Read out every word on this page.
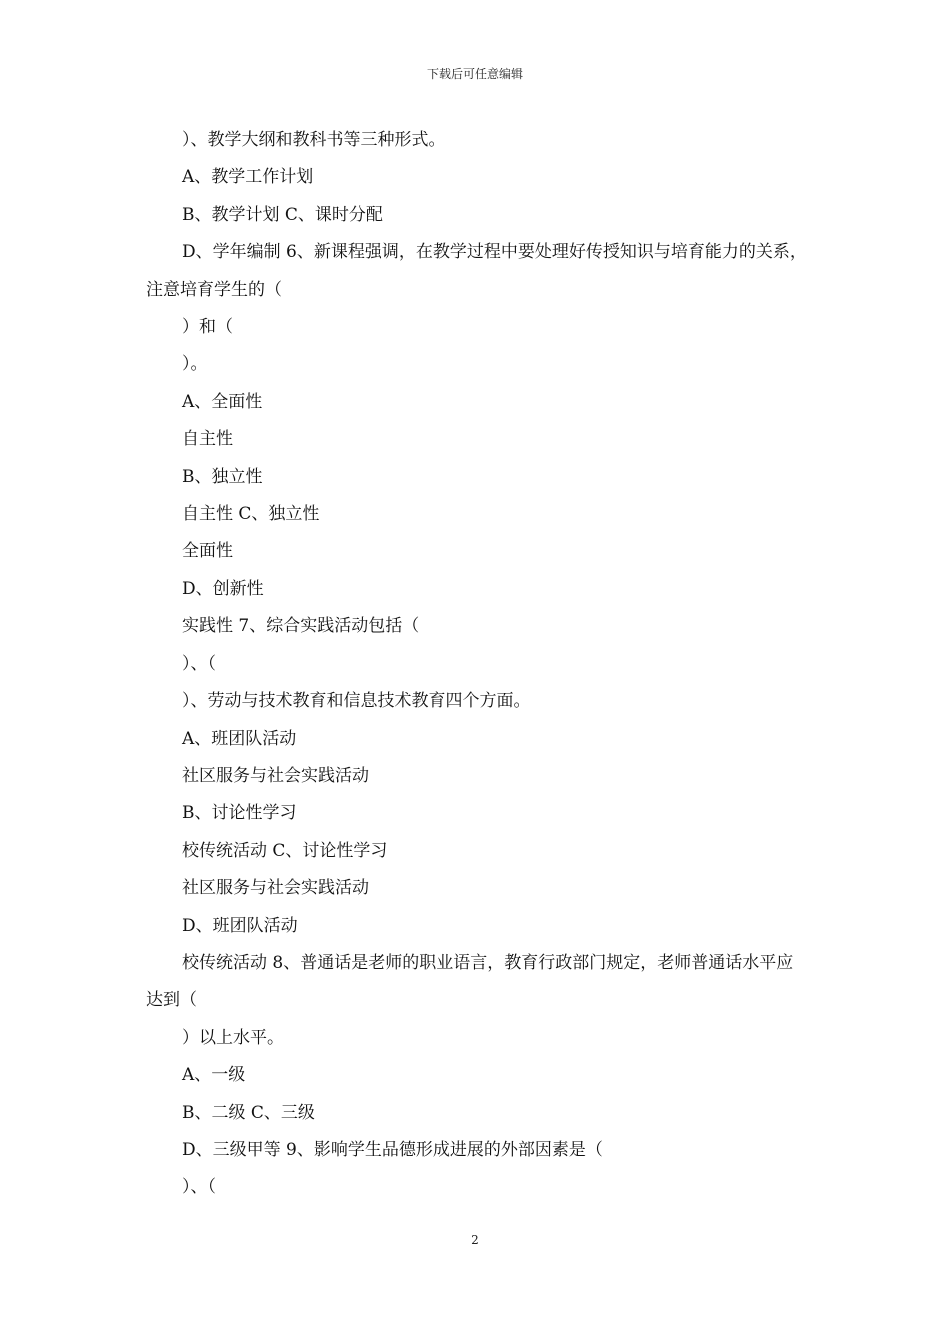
下载后可任意编辑

）、教学大纲和教科书等三种形式。

A、教学工作计划

B、教学计划 C、课时分配

D、学年编制 6、新课程强调，在教学过程中要处理好传授知识与培育能力的关系，注意培育学生的（

）和（

）。

A、全面性

自主性

B、独立性

自主性 C、独立性

全面性

D、创新性

实践性 7、综合实践活动包括（

）、（

）、劳动与技术教育和信息技术教育四个方面。

A、班团队活动

社区服务与社会实践活动

B、讨论性学习

校传统活动 C、讨论性学习

社区服务与社会实践活动

D、班团队活动

校传统活动 8、普通话是老师的职业语言，教育行政部门规定，老师普通话水平应达到（

）以上水平。

A、一级

B、二级 C、三级

D、三级甲等 9、影响学生品德形成进展的外部因素是（

）、（

2
